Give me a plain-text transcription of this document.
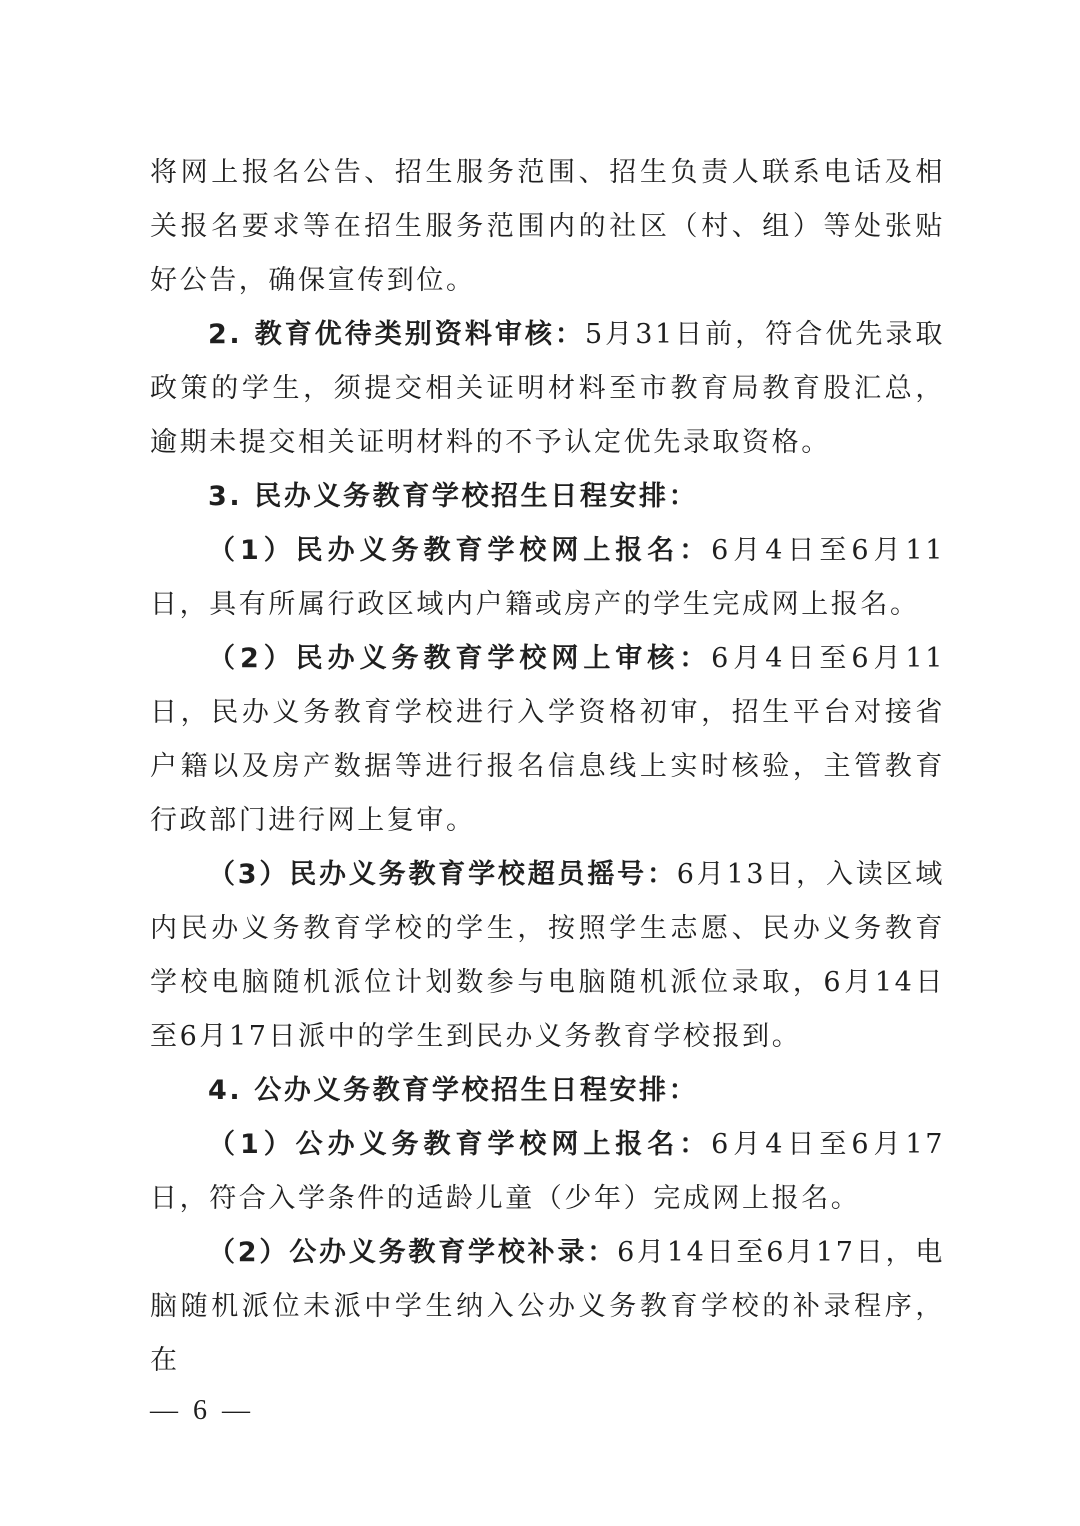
将网上报名公告、招生服务范围、招生负责人联系电话及相关报名要求等在招生服务范围内的社区（村、组）等处张贴好公告，确保宣传到位。

2. 教育优待类别资料审核：5月31日前，符合优先录取政策的学生，须提交相关证明材料至市教育局教育股汇总，逾期未提交相关证明材料的不予认定优先录取资格。

3. 民办义务教育学校招生日程安排：

（1）民办义务教育学校网上报名：6月4日至6月11日，具有所属行政区域内户籍或房产的学生完成网上报名。

（2）民办义务教育学校网上审核：6月4日至6月11日，民办义务教育学校进行入学资格初审，招生平台对接省户籍以及房产数据等进行报名信息线上实时核验，主管教育行政部门进行网上复审。

（3）民办义务教育学校超员摇号：6月13日，入读区域内民办义务教育学校的学生，按照学生志愿、民办义务教育学校电脑随机派位计划数参与电脑随机派位录取，6月14日至6月17日派中的学生到民办义务教育学校报到。

4. 公办义务教育学校招生日程安排：

（1）公办义务教育学校网上报名：6月4日至6月17日，符合入学条件的适龄儿童（少年）完成网上报名。

（2）公办义务教育学校补录：6月14日至6月17日，电脑随机派位未派中学生纳入公办义务教育学校的补录程序，在

— 6 —
